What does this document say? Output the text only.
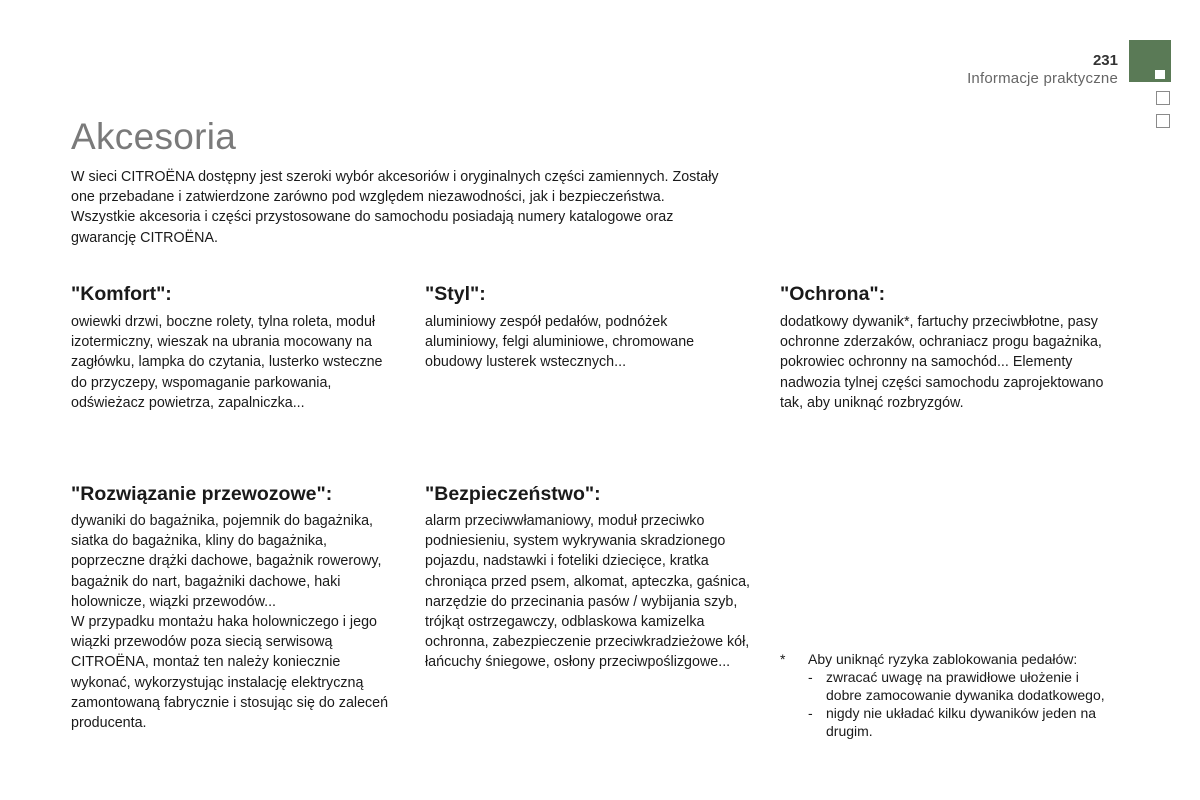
231
Informacje praktyczne
Akcesoria

W sieci CITROËNA dostępny jest szeroki wybór akcesoriów i oryginalnych części zamiennych. Zostały one przebadane i zatwierdzone zarówno pod względem niezawodności, jak i bezpieczeństwa.

Wszystkie akcesoria i części przystosowane do samochodu posiadają numery katalogowe oraz gwarancję CITROËNA.

"Komfort":

owiewki drzwi, boczne rolety, tylna roleta, moduł izotermiczny, wieszak na ubrania mocowany na zagłówku, lampka do czytania, lusterko wsteczne do przyczepy, wspomaganie parkowania, odświeżacz powietrza, zapalniczka...

"Styl":

aluminiowy zespół pedałów, podnóżek aluminiowy, felgi aluminiowe, chromowane obudowy lusterek wstecznych...

"Ochrona":

dodatkowy dywanik*, fartuchy przeciwbłotne, pasy ochronne zderzaków, ochraniacz progu bagażnika, pokrowiec ochronny na samochód... Elementy nadwozia tylnej części samochodu zaprojektowano tak, aby uniknąć rozbryzgów.

"Rozwiązanie przewozowe":

dywaniki do bagażnika, pojemnik do bagażnika, siatka do bagażnika, kliny do bagażnika, poprzeczne drążki dachowe, bagażnik rowerowy, bagażnik do nart, bagażniki dachowe, haki holownicze, wiązki przewodów...

W przypadku montażu haka holowniczego i jego wiązki przewodów poza siecią serwisową CITROËNA, montaż ten należy koniecznie wykonać, wykorzystując instalację elektryczną zamontowaną fabrycznie i stosując się do zaleceń producenta.

"Bezpieczeństwo":

alarm przeciwwłamaniowy, moduł przeciwko podniesieniu, system wykrywania skradzionego pojazdu, nadstawki i foteliki dziecięce, kratka chroniąca przed psem, alkomat, apteczka, gaśnica, narzędzie do przecinania pasów / wybijania szyb, trójkąt ostrzegawczy, odblaskowa kamizelka ochronna, zabezpieczenie przeciwkradzieżowe kół, łańcuchy śniegowe, osłony przeciwpoślizgowe...	*	Aby uniknąć ryzyka zablokowania pedałów:
- zwracać uwagę na prawidłowe ułożenie i dobre zamocowanie dywanika dodatkowego,
- nigdy nie układać kilku dywaników jeden na drugim.
